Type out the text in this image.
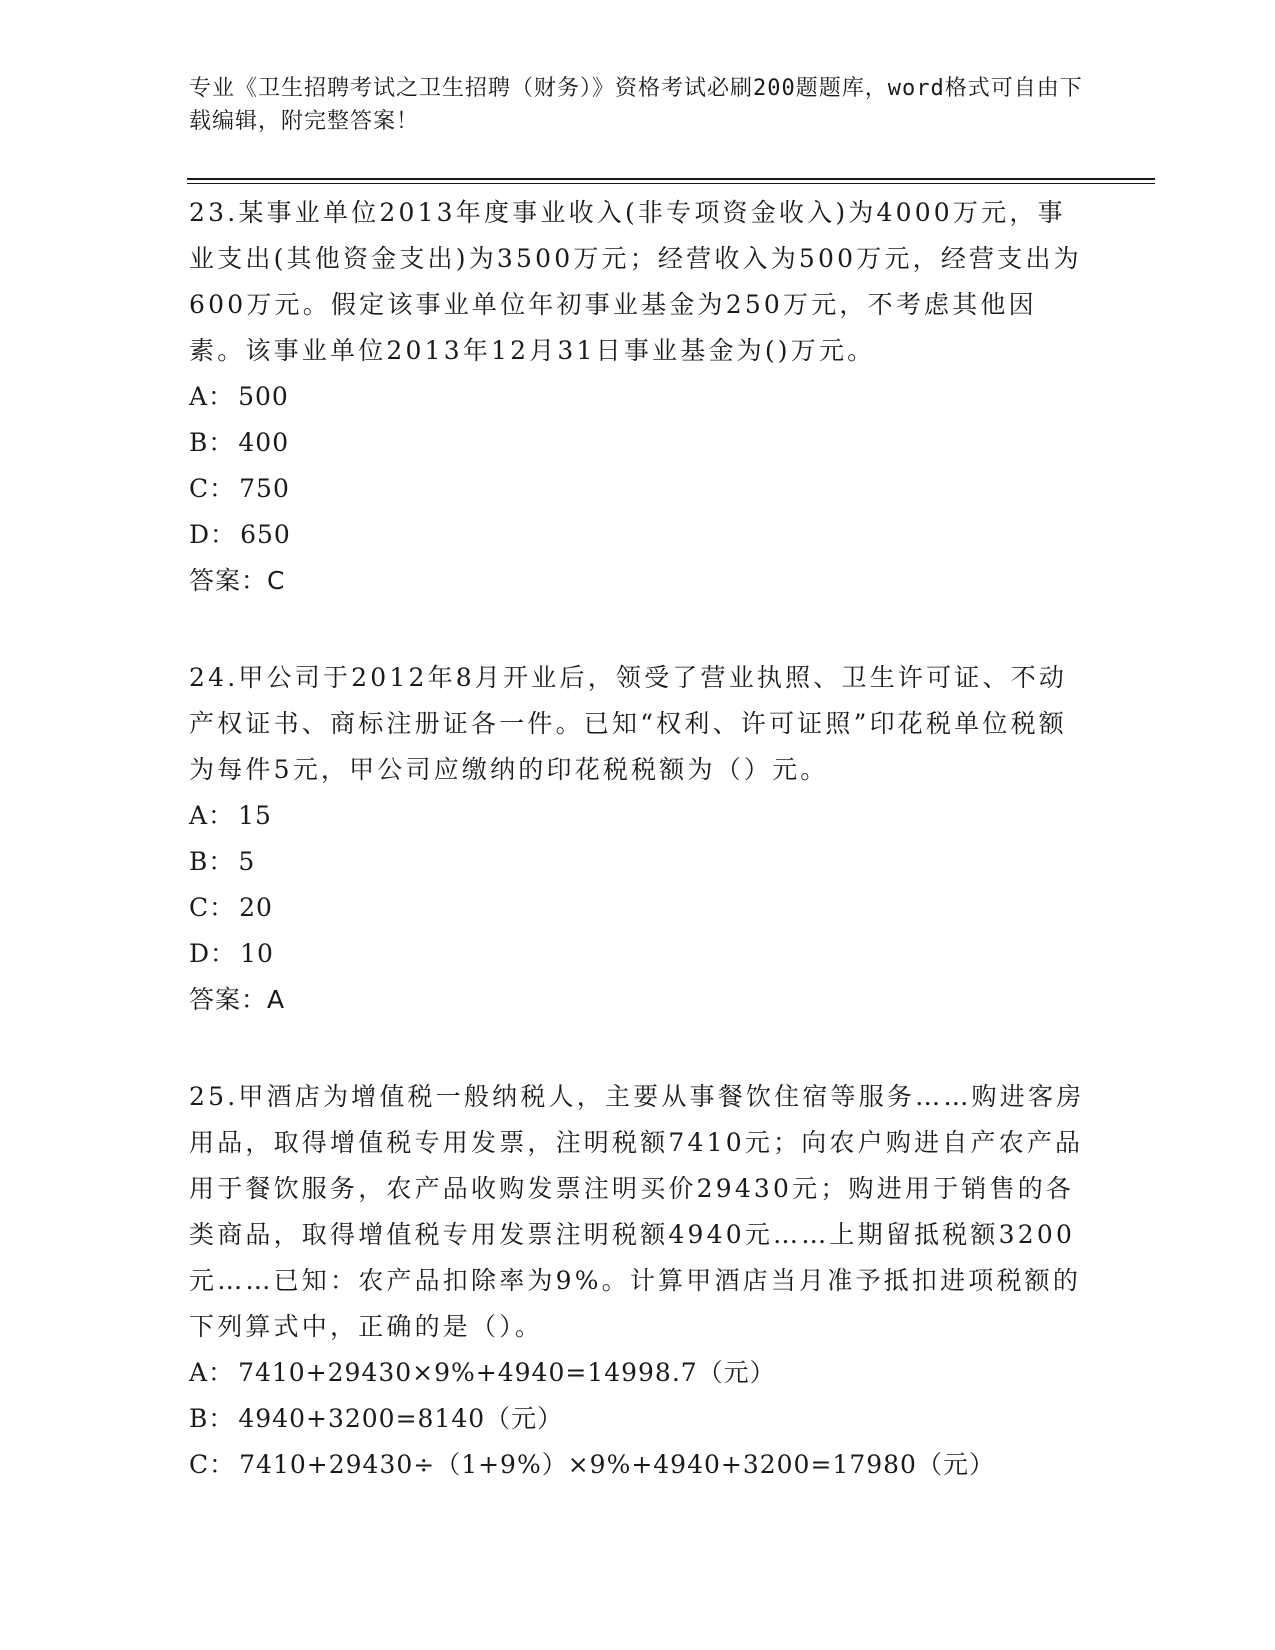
专业《卫生招聘考试之卫生招聘（财务）》资格考试必刷200题题库，word格式可自由下载编辑，附完整答案！

23.某事业单位2013年度事业收入(非专项资金收入)为4000万元，事业支出(其他资金支出)为3500万元；经营收入为500万元，经营支出为600万元。假定该事业单位年初事业基金为250万元，不考虑其他因素。该事业单位2013年12月31日事业基金为()万元。

A： 500

B： 400

C： 750

D： 650

答案：C

24.甲公司于2012年8月开业后，领受了营业执照、卫生许可证、不动产权证书、商标注册证各一件。已知“权利、许可证照”印花税单位税额为每件5元，甲公司应缴纳的印花税税额为（）元。

A： 15

B： 5

C： 20

D： 10

答案：A

25.甲酒店为增值税一般纳税人，主要从事餐饮住宿等服务……购进客房用品，取得增值税专用发票，注明税额7410元；向农户购进自产农产品用于餐饮服务，农产品收购发票注明买价29430元；购进用于销售的各类商品，取得增值税专用发票注明税额4940元……上期留抵税额3200元……已知：农产品扣除率为9%。计算甲酒店当月准予抵扣进项税额的下列算式中，正确的是（）。

A： 7410+29430×9%+4940=14998.7（元）

B： 4940+3200=8140（元）

C： 7410+29430÷（1+9%）×9%+4940+3200=17980（元）
